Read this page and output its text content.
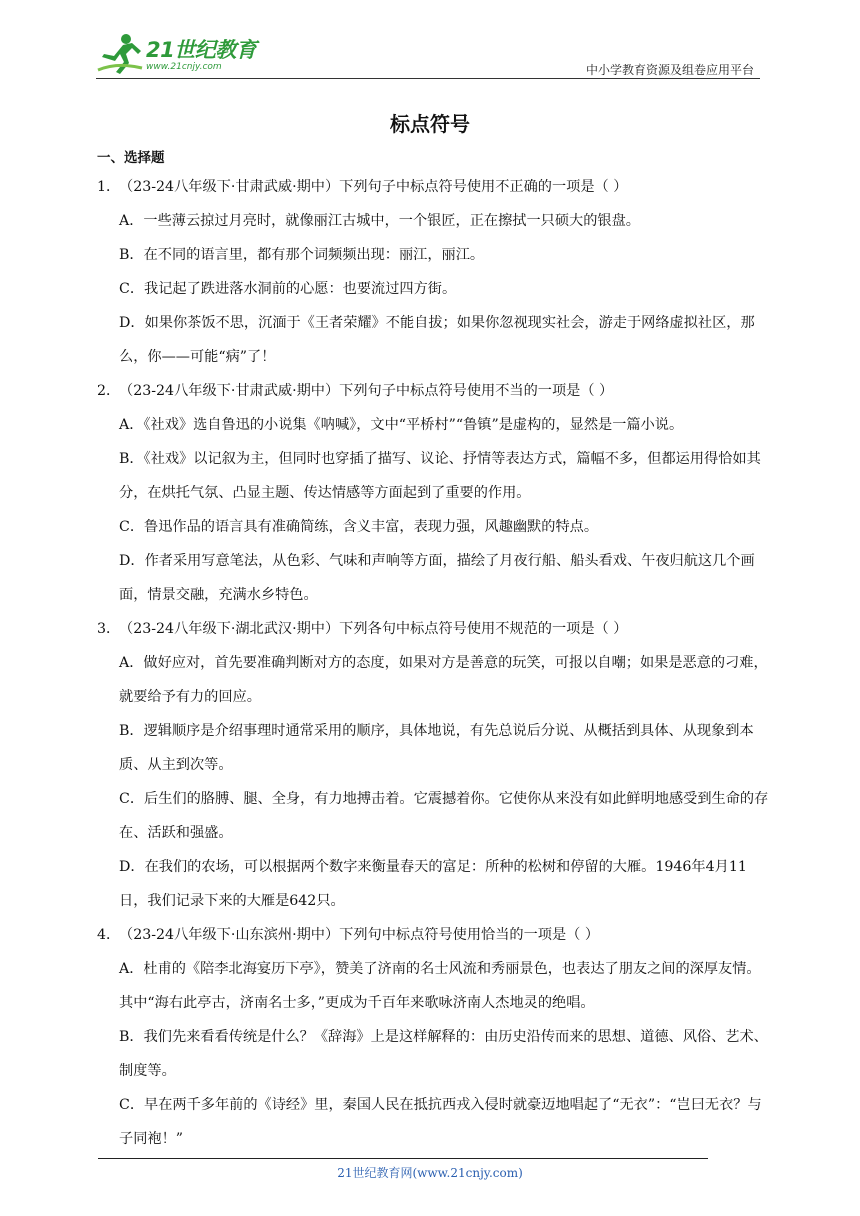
21世纪教育
www.21cnjy.com	中小学教育资源及组卷应用平台
标点符号
一、选择题
1．
（23-24八年级下·甘肃武威·期中）下列句子中标点符号使用不正确的一项是（ ）
A．一些薄云掠过月亮时，就像丽江古城中，一个银匠，正在擦拭一只硕大的银盘。
B．在不同的语言里，都有那个词频频出现：丽江，丽江。
C．我记起了跌进落水洞前的心愿：也要流过四方街。
D．如果你茶饭不思，沉湎于《王者荣耀》不能自拔；如果你忽视现实社会，游走于网络虚拟社区，那么，你——可能“病”了！
2．
（23-24八年级下·甘肃武威·期中）下列句子中标点符号使用不当的一项是（ ）
A．《社戏》选自鲁迅的小说集《呐喊》，文中“平桥村”“鲁镇”是虚构的，显然是一篇小说。
B．《社戏》以记叙为主，但同时也穿插了描写、议论、抒情等表达方式，篇幅不多，但都运用得恰如其分，在烘托气氛、凸显主题、传达情感等方面起到了重要的作用。
C．鲁迅作品的语言具有准确简练，含义丰富，表现力强，风趣幽默的特点。
D．作者采用写意笔法，从色彩、气味和声响等方面，描绘了月夜行船、船头看戏、午夜归航这几个画面，情景交融，充满水乡特色。
3．
（23-24八年级下·湖北武汉·期中）下列各句中标点符号使用不规范的一项是（ ）
A．做好应对，首先要准确判断对方的态度，如果对方是善意的玩笑，可报以自嘲；如果是恶意的刁难，就要给予有力的回应。
B．逻辑顺序是介绍事理时通常采用的顺序，具体地说，有先总说后分说、从概括到具体、从现象到本质、从主到次等。
C．后生们的胳膊、腿、全身，有力地搏击着。它震撼着你。它使你从来没有如此鲜明地感受到生命的存在、活跃和强盛。
D．在我们的农场，可以根据两个数字来衡量春天的富足：所种的松树和停留的大雁。1946年4月11日，我们记录下来的大雁是642只。
4．
（23-24八年级下·山东滨州·期中）下列句中标点符号使用恰当的一项是（ ）
A．杜甫的《陪李北海宴历下亭》，赞美了济南的名士风流和秀丽景色，也表达了朋友之间的深厚友情。其中“海右此亭古，济南名士多，”更成为千百年来歌咏济南人杰地灵的绝唱。
B．我们先来看看传统是什么？《辞海》上是这样解释的：由历史沿传而来的思想、道德、风俗、艺术、制度等。
C．早在两千多年前的《诗经》里，秦国人民在抵抗西戎入侵时就豪迈地唱起了“无衣”：“岂曰无衣？与子同袍！”
21世纪教育网(www.21cnjy.com)
